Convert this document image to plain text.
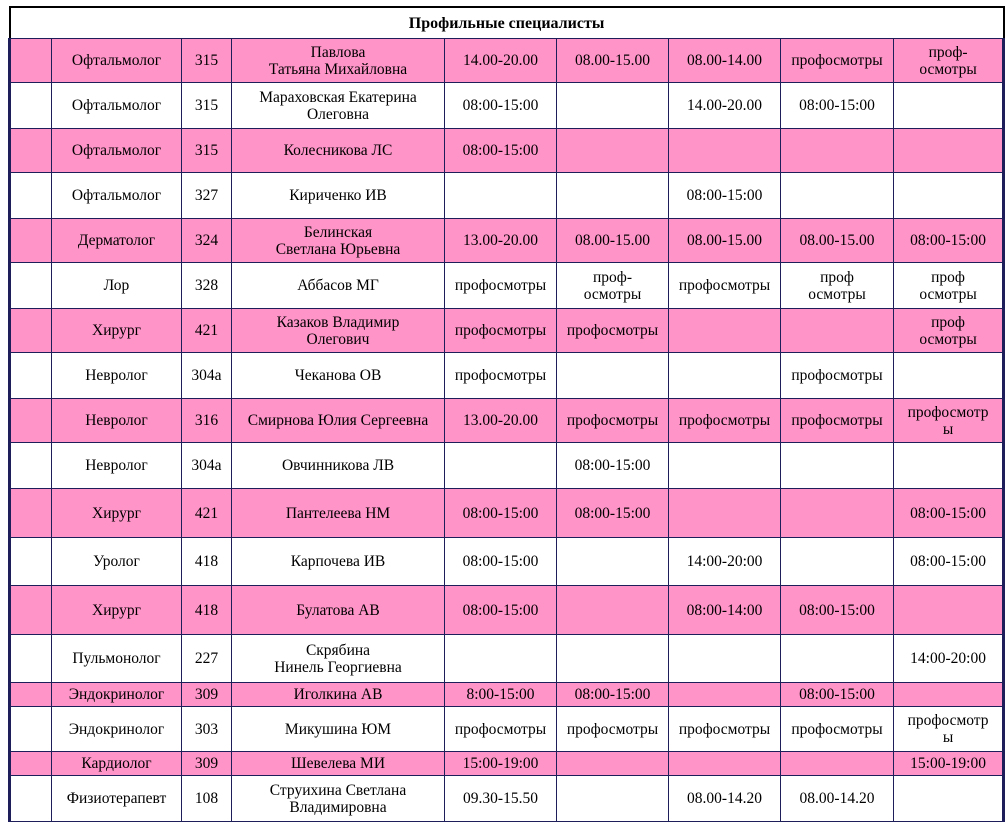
Профильные специалисты								
	Офтальмолог	315	Павлова
Татьяна Михайловна	14.00-20.00	08.00-15.00	08.00-14.00	профосмотры	проф-
осмотры

	Офтальмолог	315	Мараховская Екатерина
Олеговна	08:00-15:00		14.00-20.00	08:00-15:00	

	Офтальмолог	315	Колесникова ЛС	08:00-15:00				

	Офтальмолог	327	Кириченко ИВ			08:00-15:00		

	Дерматолог	324	Белинская
Светлана Юрьевна	13.00-20.00	08.00-15.00	08.00-15.00	08.00-15.00	08:00-15:00

	Лор	328	Аббасов МГ	профосмотры	проф-
осмотры	профосмотры	проф
осмотры	проф
осмотры

	Хирург	421	Казаков Владимир
Олегович	профосмотры	профосмотры			проф
осмотры

	Невролог	304а	Чеканова ОВ	профосмотры			профосмотры	

	Невролог	316	Смирнова Юлия Сергеевна	13.00-20.00	профосмотры	профосмотры	профосмотры	профосмотр
ы

	Невролог	304а	Овчинникова ЛВ		08:00-15:00			

	Хирург	421	Пантелеева НМ	08:00-15:00	08:00-15:00			08:00-15:00

	Уролог	418	Карпочева ИВ	08:00-15:00		14:00-20:00		08:00-15:00

	Хирург	418	Булатова АВ	08:00-15:00		08:00-14:00	08:00-15:00	

	Пульмонолог	227	Скрябина
Нинель Георгиевна					14:00-20:00

	Эндокринолог	309	Иголкина АВ	8:00-15:00	08:00-15:00		08:00-15:00	

	Эндокринолог	303	Микушина ЮМ	профосмотры	профосмотры	профосмотры	профосмотры	профосмотр
ы

	Кардиолог	309	Шевелева МИ	15:00-19:00				15:00-19:00

	Физиотерапевт	108	Струихина Светлана
Владимировна	09.30-15.50		08.00-14.20	08.00-14.20	
